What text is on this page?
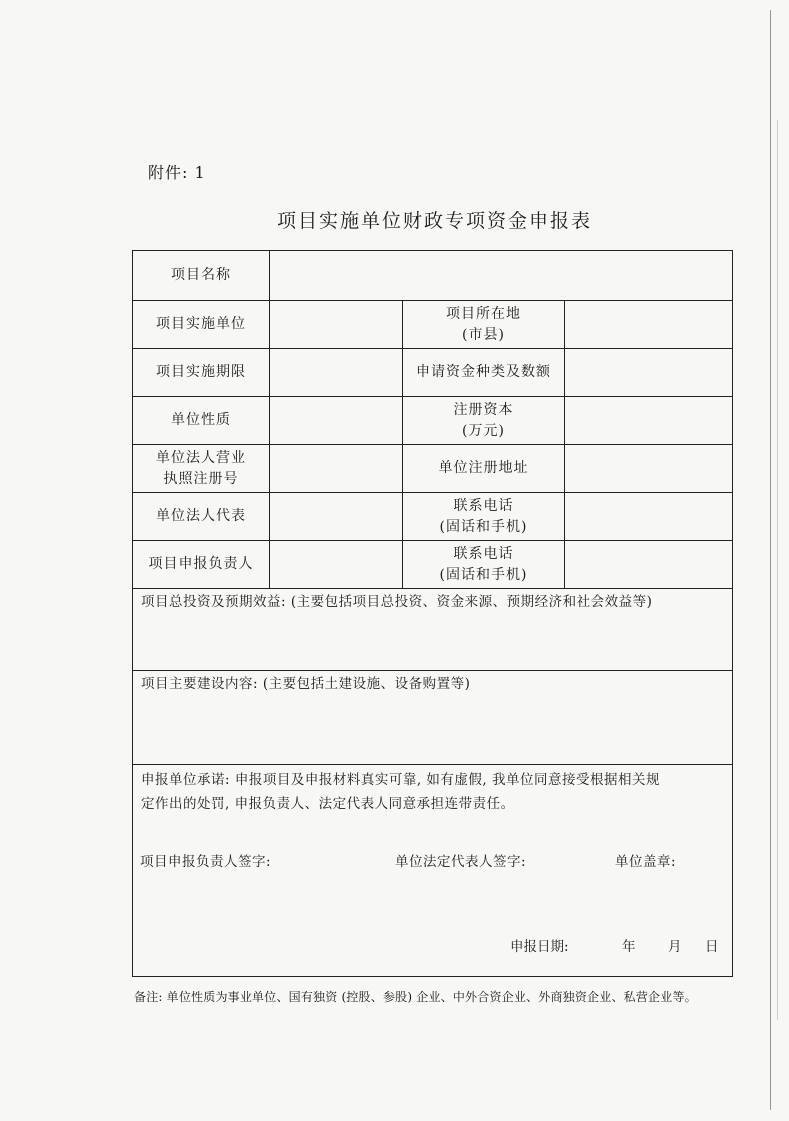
附件: 1
项目实施单位财政专项资金申报表
项目名称			
项目实施单位		项目所在地
(市县)	

项目实施期限		申请资金种类及数额	
单位性质		注册资本
(万元)	

单位法人营业
执照注册号		单位注册地址	
单位法人代表		联系电话
(固话和手机)	

项目申报负责人		联系电话
(固话和手机)	

项目总投资及预期效益: (主要包括项目总投资、资金来源、预期经济和社会效益等)			

项目主要建设内容: (主要包括土建设施、设备购置等)			

申报单位承诺: 申报项目及申报材料真实可靠, 如有虚假, 我单位同意接受根据相关规
定作出的处罚, 申报负责人、法定代表人同意承担连带责任。			
项目申报负责人签字:	单位法定代表人签字:	单位盖章:
申报日期:	年 月 日
备注: 单位性质为事业单位、国有独资 (控股、参股) 企业、中外合资企业、外商独资企业、私营企业等。
